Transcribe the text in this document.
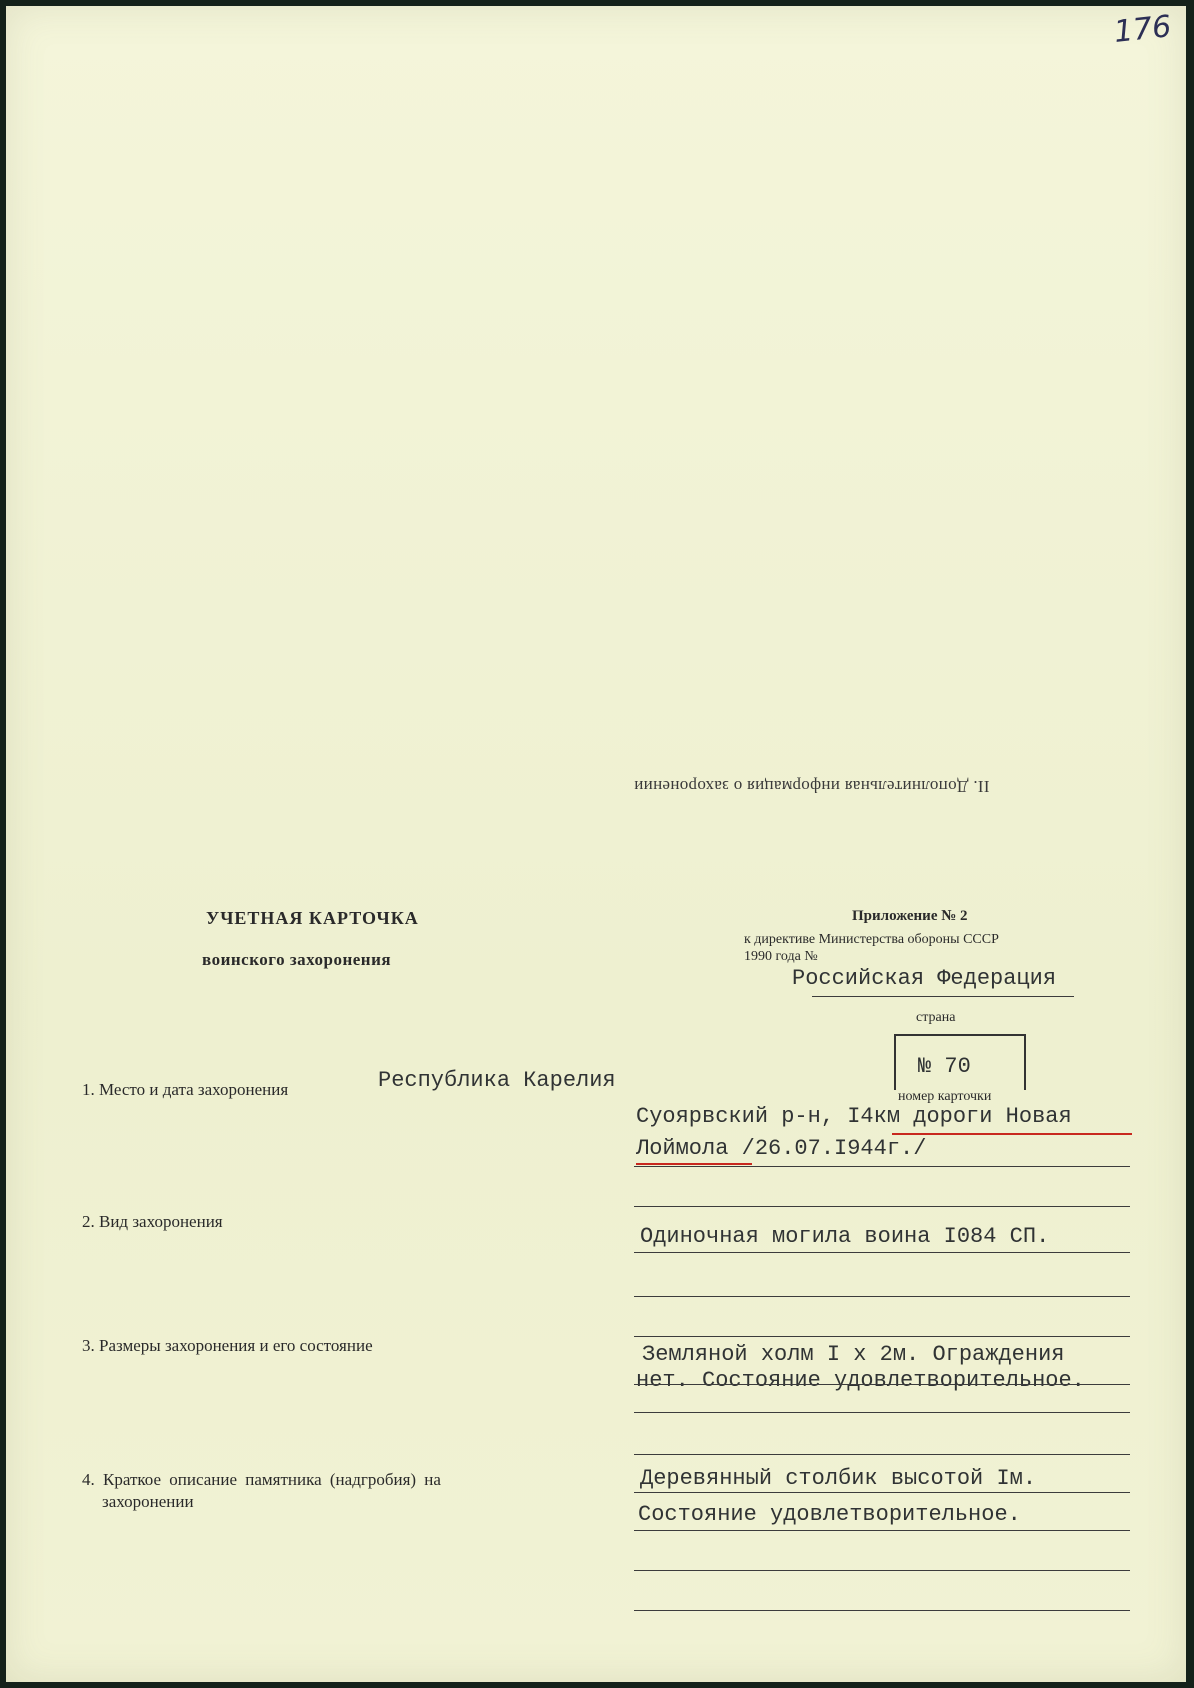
176
II. Дополнительная информация о захоронении
УЧЕТНАЯ КАРТОЧКА
воинского захоронения
Приложение № 2
к директиве Министерства обороны СССР
1990 года №
Российская Федерация
страна
№ 70
номер карточки
1. Место и дата захоронения	Республика Карелия
Суоярвский р-н, I4км дороги Новая
Лоймола /26.07.I944г./
2. Вид захоронения
Одиночная могила воина I084 СП.
3. Размеры захоронения и его состояние	Земляной холм I x 2м. Ограждения
нет. Состояние удовлетворительное.
4. Краткое описание памятника (надгробия) на
захоронении
Деревянный столбик высотой Iм.
Состояние удовлетворительное.
